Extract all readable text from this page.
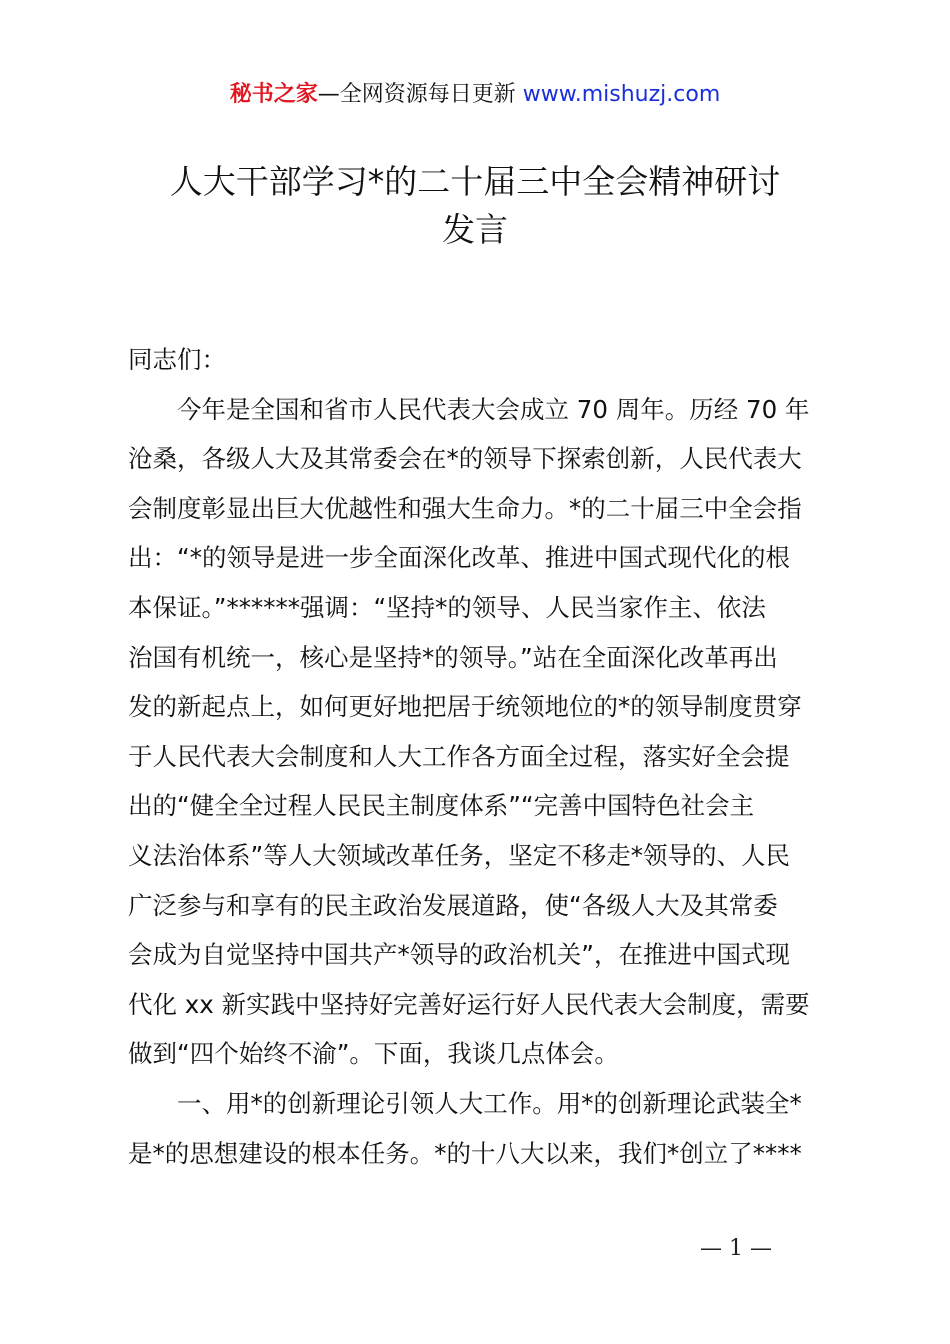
秘书之家—全网资源每日更新 www.mishuzj.com
人大干部学习*的二十届三中全会精神研讨
发言

同志们：

今年是全国和省市人民代表大会成立 70 周年。历经 70 年
沧桑，各级人大及其常委会在*的领导下探索创新，人民代表大
会制度彰显出巨大优越性和强大生命力。*的二十届三中全会指
出：“*的领导是进一步全面深化改革、推进中国式现代化的根
本保证。”******强调：“坚持*的领导、人民当家作主、依法
治国有机统一，核心是坚持*的领导。”站在全面深化改革再出
发的新起点上，如何更好地把居于统领地位的*的领导制度贯穿
于人民代表大会制度和人大工作各方面全过程，落实好全会提
出的“健全全过程人民民主制度体系”“完善中国特色社会主
义法治体系”等人大领域改革任务，坚定不移走*领导的、人民
广泛参与和享有的民主政治发展道路，使“各级人大及其常委
会成为自觉坚持中国共产*领导的政治机关”，在推进中国式现
代化 xx 新实践中坚持好完善好运行好人民代表大会制度，需要
做到“四个始终不渝”。下面，我谈几点体会。
一、用*的创新理论引领人大工作。用*的创新理论武装全*
是*的思想建设的根本任务。*的十八大以来，我们*创立了****
— 1 —
